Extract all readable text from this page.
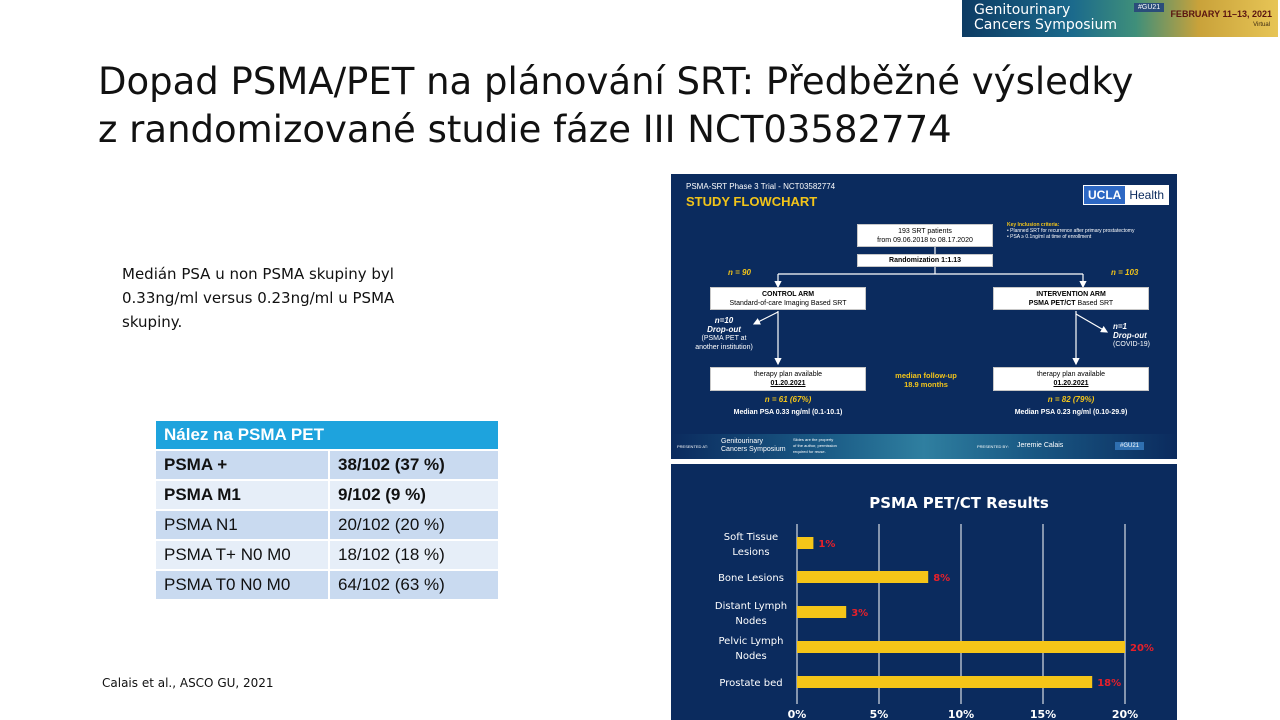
Genitourinary
Cancers Symposium
#GU21
FEBRUARY 11–13, 2021
Virtual
Dopad PSMA/PET na plánování SRT: Předběžné výsledky
z randomizované studie fáze III NCT03582774
Medián PSA u non PSMA skupiny byl 0.33ng/ml versus 0.23ng/ml u PSMA skupiny.
Nález na PSMA PET	
PSMA +	38/102 (37 %)
PSMA M1	9/102 (9 %)
PSMA N1	20/102 (20 %)
PSMA T+ N0 M0	18/102 (18 %)
PSMA T0 N0 M0	64/102 (63 %)
Calais et al., ASCO GU, 2021
PSMA-SRT Phase 3 Trial - NCT03582774
STUDY FLOWCHART	UCLA Health
193 SRT patients
from 09.06.2018 to 08.17.2020
Randomization 1:1.13
Key Inclusion criteria:
• Planned SRT for recurrence after primary prostatectomy
• PSA ≥ 0.1ng/ml at time of enrollment
n = 90	n = 103
CONTROL ARM
Standard-of-care Imaging Based SRT
INTERVENTION ARM
PSMA PET/CT Based SRT
n=10
Drop-out
(PSMA PET at
another institution)
n=1
Drop-out
(COVID-19)
therapy plan available
01.20.2021
therapy plan available
01.20.2021
median follow-up
18.9 months
n = 61 (67%)	n = 82 (79%)
Median PSA 0.33 ng/ml (0.1-10.1)	Median PSA 0.23 ng/ml (0.10-29.9)
PRESENTED AT:
Genitourinary
Cancers Symposium
Slides are the property
of the author, permission
required for reuse.
PRESENTED BY: Jeremie Calais	#GU21
PSMA PET/CT Results
0%	5%	10%	15%	20%
Soft Tissue
Lesions
1%
Bone Lesions	8%
Distant Lymph
Nodes
3%
Pelvic Lymph
Nodes
20%
Prostate bed	18%
